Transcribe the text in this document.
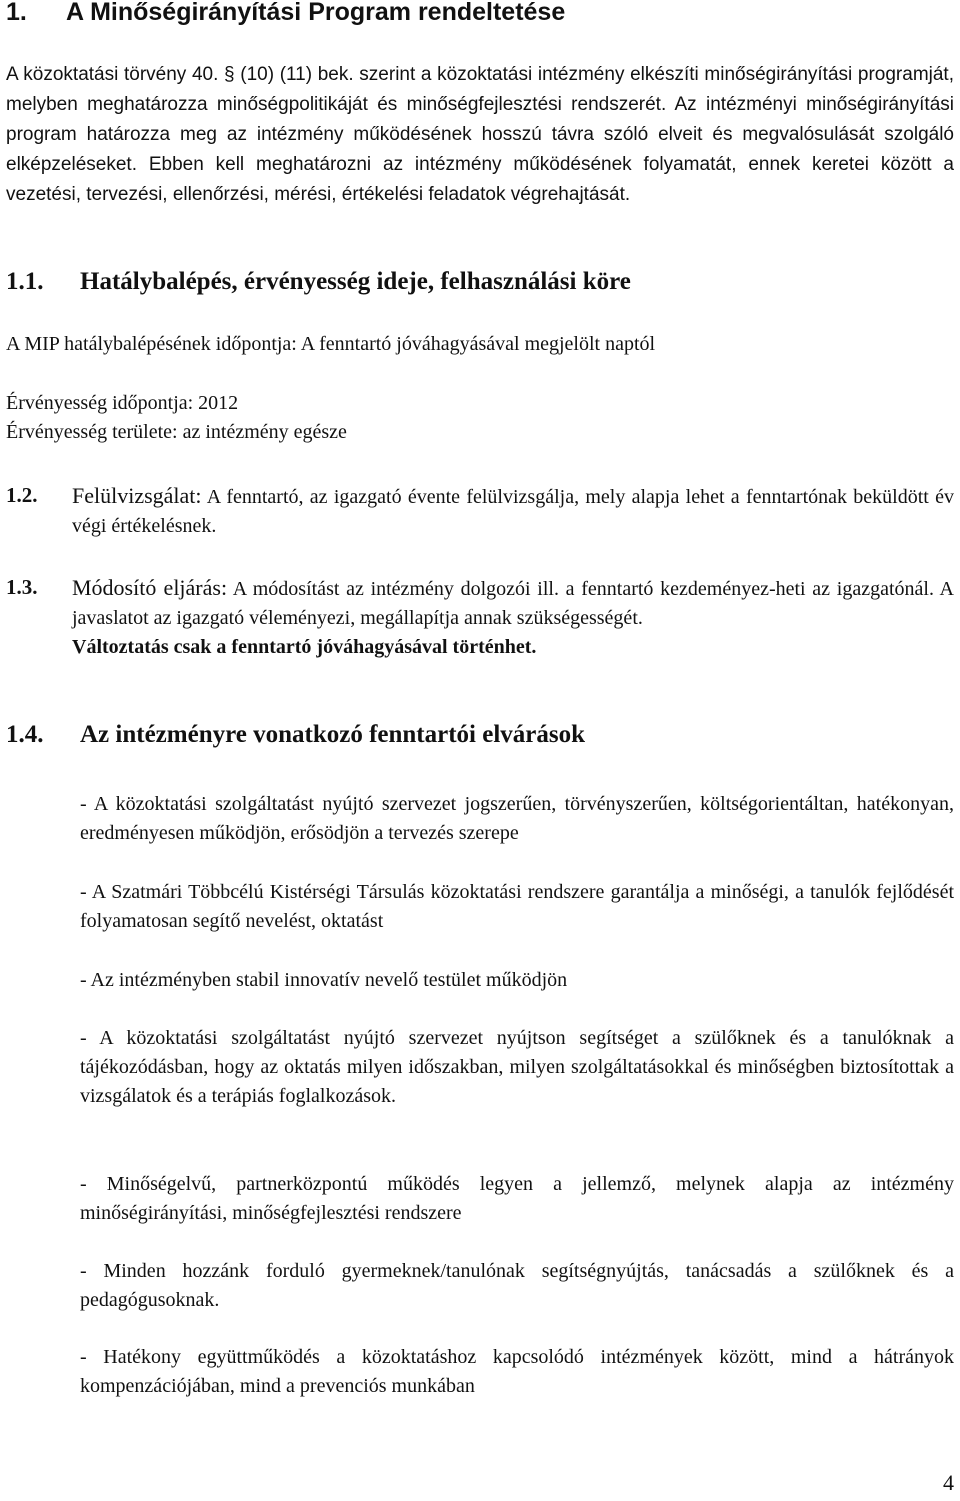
1. A Minőségirányítási Program rendeltetése

A közoktatási törvény 40. § (10) (11) bek. szerint a közoktatási intézmény elkészíti minőségirányítási programját, melyben meghatározza minőségpolitikáját és minőségfejlesztési rendszerét. Az intézményi minőségirányítási program határozza meg az intézmény működésének hosszú távra szóló elveit és megvalósulását szolgáló elképzeléseket. Ebben kell meghatározni az intézmény működésének folyamatát, ennek keretei között a vezetési, tervezési, ellenőrzési, mérési, értékelési feladatok végrehajtását.

1.1. Hatálybalépés, érvényesség ideje, felhasználási köre
A MIP hatálybalépésének időpontja: A fenntartó jóváhagyásával megjelölt naptól
Érvényesség időpontja: 2012
Érvényesség területe: az intézmény egésze
1.2. Felülvizsgálat: A fenntartó, az igazgató évente felülvizsgálja, mely alapja lehet a fenntartónak beküldött év végi értékelésnek.
1.3. Módosító eljárás: A módosítást az intézmény dolgozói ill. a fenntartó kezdeményez-heti az igazgatónál. A javaslatot az igazgató véleményezi, megállapítja annak szükségességét.
Változtatás csak a fenntartó jóváhagyásával történhet.
1.4. Az intézményre vonatkozó fenntartói elvárások
- A közoktatási szolgáltatást nyújtó szervezet jogszerűen, törvényszerűen, költségorientáltan, hatékonyan, eredményesen működjön, erősödjön a tervezés szerepe
- A Szatmári Többcélú Kistérségi Társulás közoktatási rendszere garantálja a minőségi, a tanulók fejlődését folyamatosan segítő nevelést, oktatást
- Az intézményben stabil innovatív nevelő testület működjön
- A közoktatási szolgáltatást nyújtó szervezet nyújtson segítséget a szülőknek és a tanulóknak a tájékozódásban, hogy az oktatás milyen időszakban, milyen szolgáltatásokkal és minőségben biztosítottak a vizsgálatok és a terápiás foglalkozások.
- Minőségelvű, partnerközpontú működés legyen a jellemző, melynek alapja az intézmény minőségirányítási, minőségfejlesztési rendszere
- Minden hozzánk forduló gyermeknek/tanulónak segítségnyújtás, tanácsadás a szülőknek és a pedagógusoknak.
- Hatékony együttműködés a közoktatáshoz kapcsolódó intézmények között, mind a hátrányok kompenzációjában, mind a prevenciós munkában
4
